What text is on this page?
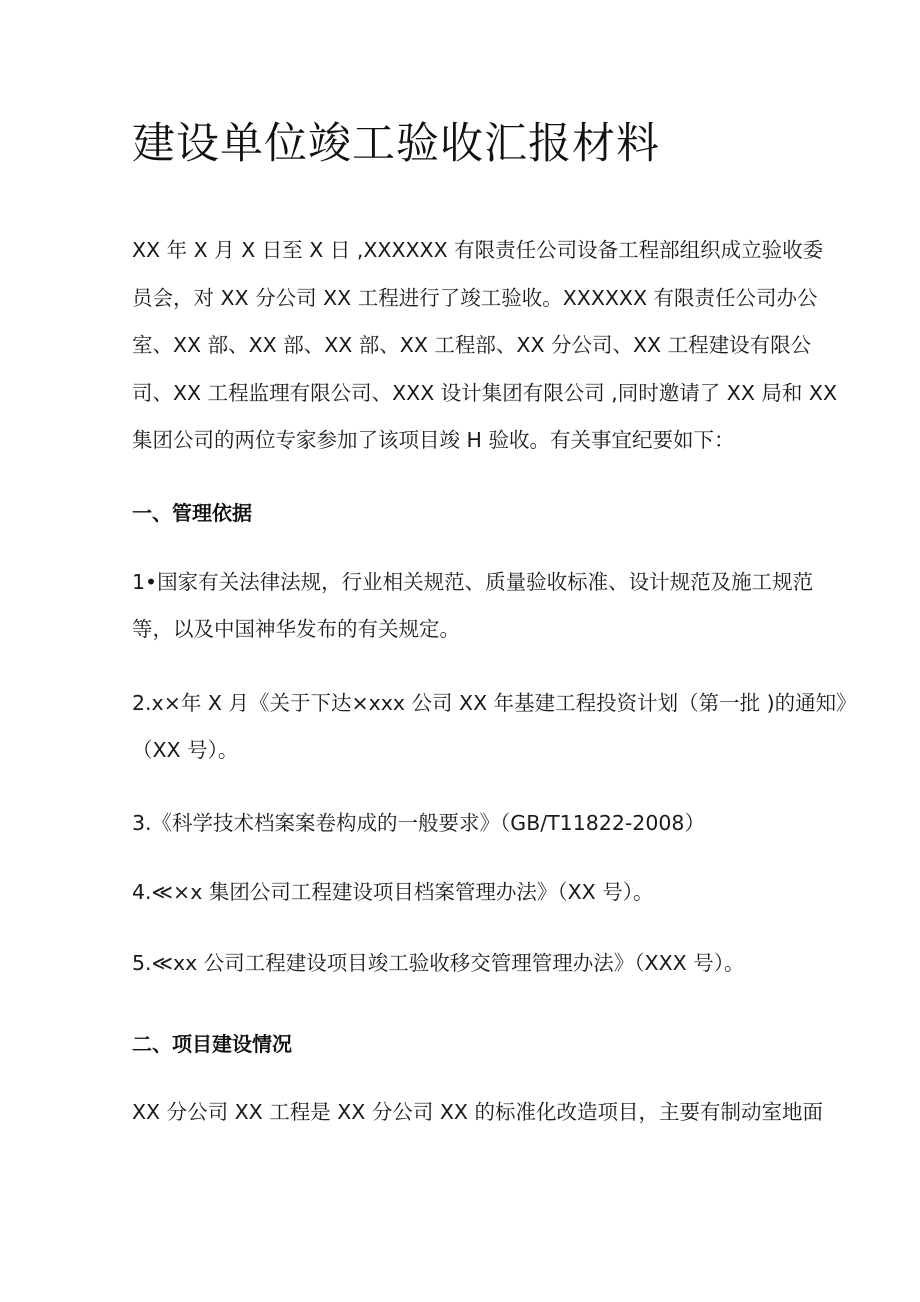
建设单位竣工验收汇报材料

XX 年 X 月 X 日至 X 日 ,XXXXXX 有限责任公司设备工程部组织成立验收委
员会，对 XX 分公司 XX 工程进行了竣工验收。XXXXXX 有限责任公司办公
室、XX 部、XX 部、XX 部、XX 工程部、XX 分公司、XX 工程建设有限公
司、XX 工程监理有限公司、XXX 设计集团有限公司 ,同时邀请了 XX 局和 XX
集团公司的两位专家参加了该项目竣 H 验收。有关事宜纪要如下：

一、管理依据

1•国家有关法律法规，行业相关规范、质量验收标准、设计规范及施工规范
等，以及中国神华发布的有关规定。

2.x×年 X 月《关于下达×xxx 公司 XX 年基建工程投资计划（第一批 )的通知》
（XX 号）。

3.《科学技术档案案卷构成的一般要求》（GB/T11822-2008）

4.≪×x 集团公司工程建设项目档案管理办法》（XX 号）。

5.≪xx 公司工程建设项目竣工验收移交管理管理办法》（XXX 号）。

二、项目建设情况

XX 分公司 XX 工程是 XX 分公司 XX 的标准化改造项目，主要有制动室地面
